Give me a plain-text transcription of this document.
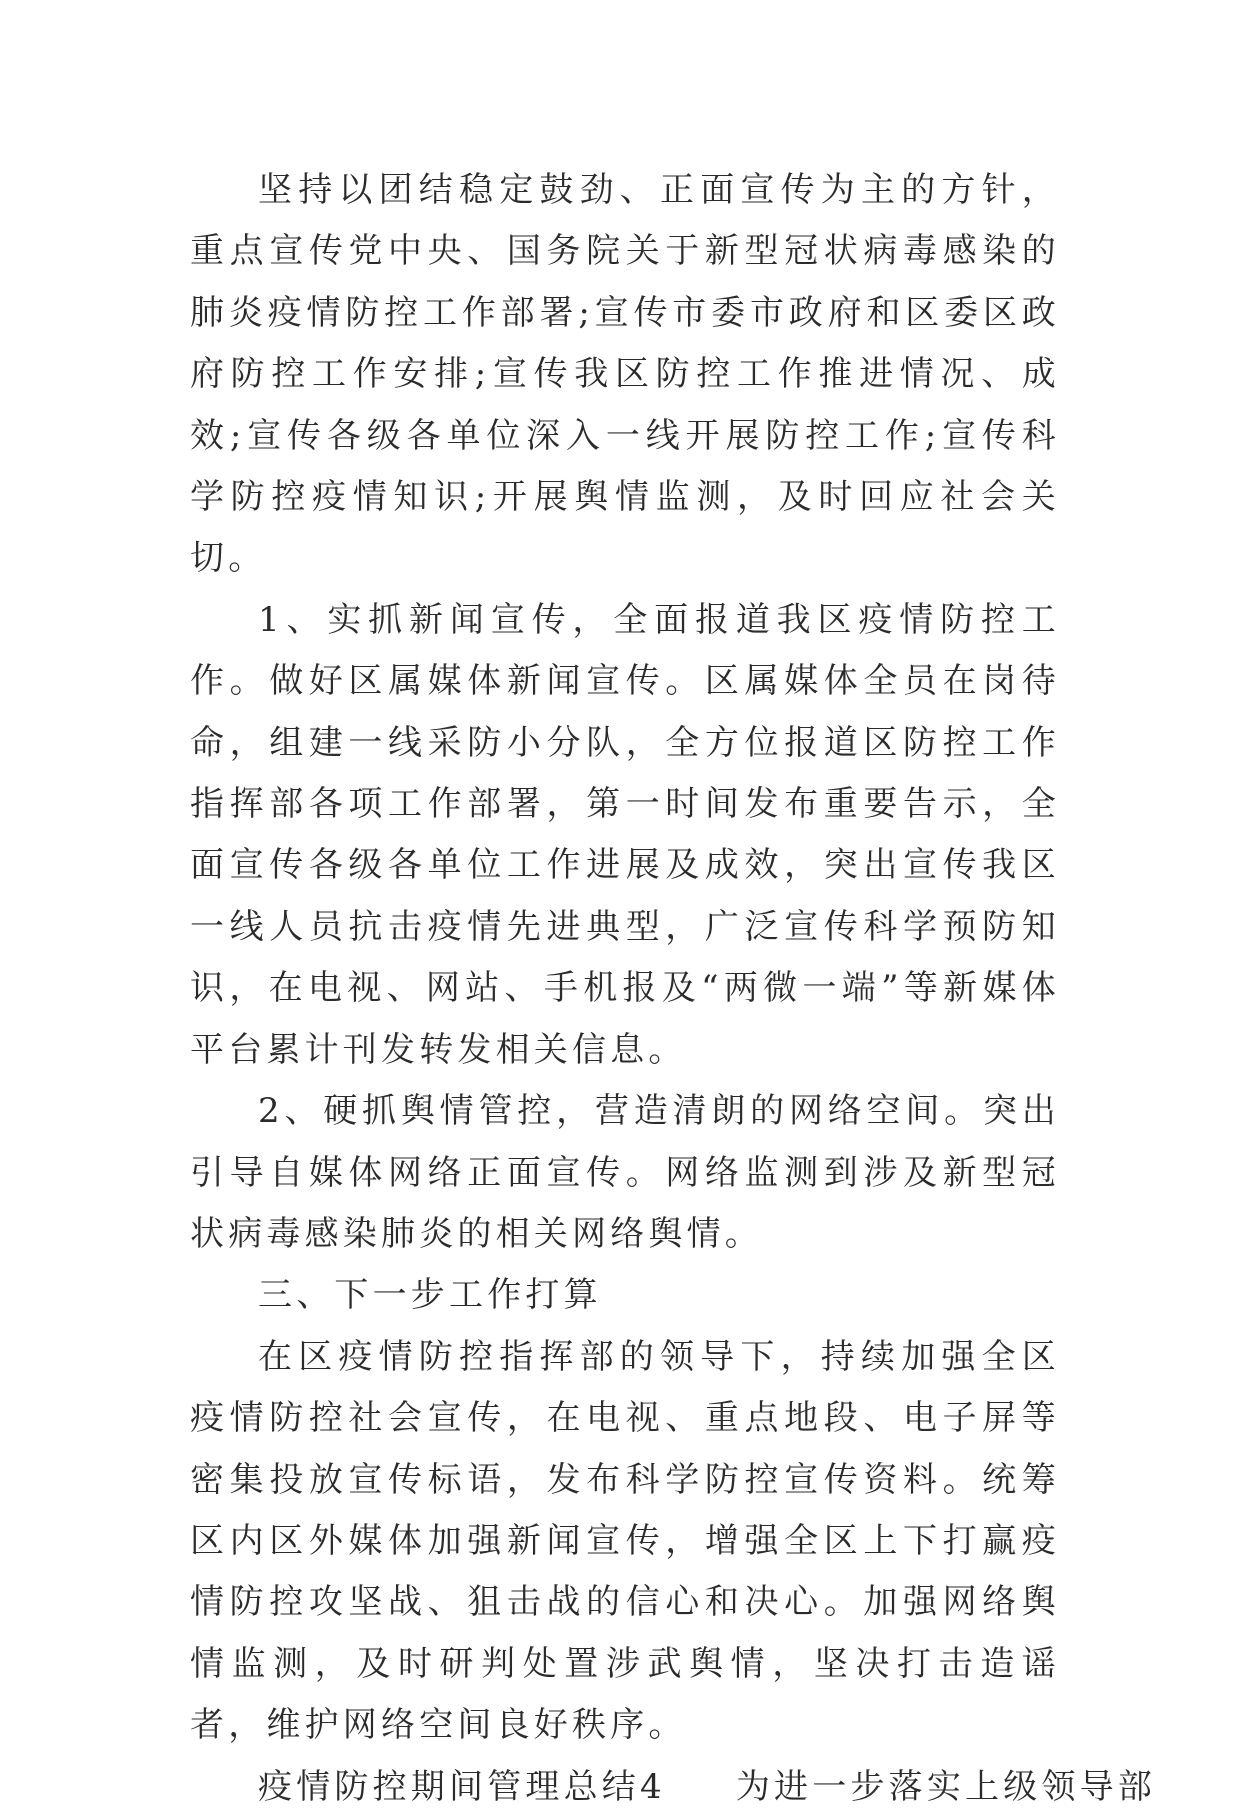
坚持以团结稳定鼓劲、正面宣传为主的方针，重点宣传党中央、国务院关于新型冠状病毒感染的肺炎疫情防控工作部署;宣传市委市政府和区委区政府防控工作安排;宣传我区防控工作推进情况、成效;宣传各级各单位深入一线开展防控工作;宣传科学防控疫情知识;开展舆情监测，及时回应社会关切。

1、实抓新闻宣传，全面报道我区疫情防控工作。做好区属媒体新闻宣传。区属媒体全员在岗待命，组建一线采防小分队，全方位报道区防控工作指挥部各项工作部署，第一时间发布重要告示，全面宣传各级各单位工作进展及成效，突出宣传我区一线人员抗击疫情先进典型，广泛宣传科学预防知识，在电视、网站、手机报及“两微一端”等新媒体平台累计刊发转发相关信息。

2、硬抓舆情管控，营造清朗的网络空间。突出引导自媒体网络正面宣传。网络监测到涉及新型冠状病毒感染肺炎的相关网络舆情。

三、下一步工作打算

在区疫情防控指挥部的领导下，持续加强全区疫情防控社会宣传，在电视、重点地段、电子屏等密集投放宣传标语，发布科学防控宣传资料。统筹区内区外媒体加强新闻宣传，增强全区上下打赢疫情防控攻坚战、狙击战的信心和决心。加强网络舆情监测，及时研判处置涉武舆情，坚决打击造谣者，维护网络空间良好秩序。

疫情防控期间管理总结4 为进一步落实上级领导部
